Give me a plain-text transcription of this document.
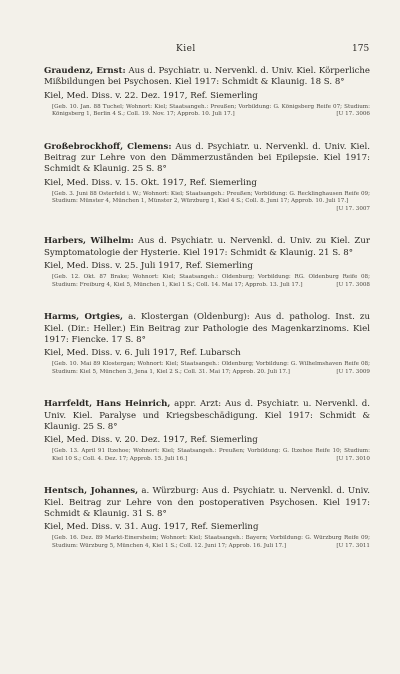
Kiel	175

Graudenz, Ernst: Aus d. Psychiatr. u. Nervenkl. d. Univ. Kiel. Körperliche Mißbildungen bei Psychosen. Kiel 1917: Schmidt & Klaunig. 18 S. 8°

Kiel, Med. Diss. v. 22. Dez. 1917, Ref. Siemerling

[Geb. 10. Jan. 88 Tuchel; Wohnort: Kiel; Staatsangeh.: Preußen; Vorbildung: G. Königsberg Reife 07; Studium: Königsberg 1, Berlin 4 S.; Coll. 19. Nov. 17; Approb. 10. Juli 17.]	[U 17. 3006

Großebrockhoff, Clemens: Aus d. Psychiatr. u. Nervenkl. d. Univ. Kiel. Beitrag zur Lehre von den Dämmerzuständen bei Epilepsie. Kiel 1917: Schmidt & Klaunig. 25 S. 8°

Kiel, Med. Diss. v. 15. Okt. 1917, Ref. Siemerling

[Geb. 3. Juni 88 Osterfeld i. W.; Wohnort: Kiel; Staatsangeh.: Preußen; Vorbildung: G. Recklinghausen Reife 09; Studium: Münster 4, München 1, Münster 2, Würzburg 1, Kiel 4 S.; Coll. 8. Juni 17; Approb. 10. Juli 17.]
[U 17. 3007

Harbers, Wilhelm: Aus d. Psychiatr. u. Nervenkl. d. Univ. zu Kiel. Zur Symptomatologie der Hysterie. Kiel 1917: Schmidt & Klaunig. 21 S. 8°

Kiel, Med. Diss. v. 25. Juli 1917, Ref. Siemerling

[Geb. 12. Okt. 87 Brake; Wohnort: Kiel; Staatsangeh.: Oldenburg; Vorbildung: RG. Oldenburg Reife 08; Studium: Freiburg 4, Kiel 5, München 1, Kiel 1 S.; Coll. 14. Mai 17; Approb. 13. Juli 17.]	[U 17. 3008

Harms, Ortgies, a. Klostergan (Oldenburg): Aus d. patholog. Inst. zu Kiel. (Dir.: Heller.) Ein Beitrag zur Pathologie des Magenkarzinoms. Kiel 1917: Fiencke. 17 S. 8°

Kiel, Med. Diss. v. 6. Juli 1917, Ref. Lubarsch

[Geb. 10. Mai 89 Klostergan; Wohnort: Kiel; Staatsangeh.: Oldenburg; Vorbildung: G. Wilhelmshaven Reife 08; Studium: Kiel 5, München 3, Jena 1, Kiel 2 S.; Coll. 31. Mai 17; Approb. 20. Juli 17.]	[U 17. 3009

Harrfeldt, Hans Heinrich, appr. Arzt: Aus d. Psychiatr. u. Nervenkl. d. Univ. Kiel. Paralyse und Kriegsbeschädigung. Kiel 1917: Schmidt & Klaunig. 25 S. 8°

Kiel, Med. Diss. v. 20. Dez. 1917, Ref. Siemerling

[Geb. 13. April 91 Itzehoe; Wohnort: Kiel; Staatsangeh.: Preußen; Vorbildung: G. Itzehoe Reife 10; Studium: Kiel 10 S.; Coll. 4. Dez. 17; Approb. 15. Juli 16.]	[U 17. 3010

Hentsch, Johannes, a. Würzburg: Aus d. Psychiatr. u. Nervenkl. d. Univ. Kiel. Beitrag zur Lehre von den postoperativen Psychosen. Kiel 1917: Schmidt & Klaunig. 31 S. 8°

Kiel, Med. Diss. v. 31. Aug. 1917, Ref. Siemerling

[Geb. 16. Dez. 89 Markt-Einersheim; Wohnort: Kiel; Staatsangeh.: Bayern; Vorbildung: G. Würzburg Reife 09; Studium: Würzburg 5, München 4, Kiel 1 S.; Coll. 12. Juni 17; Approb. 16. Juli 17.]	[U 17. 3011
